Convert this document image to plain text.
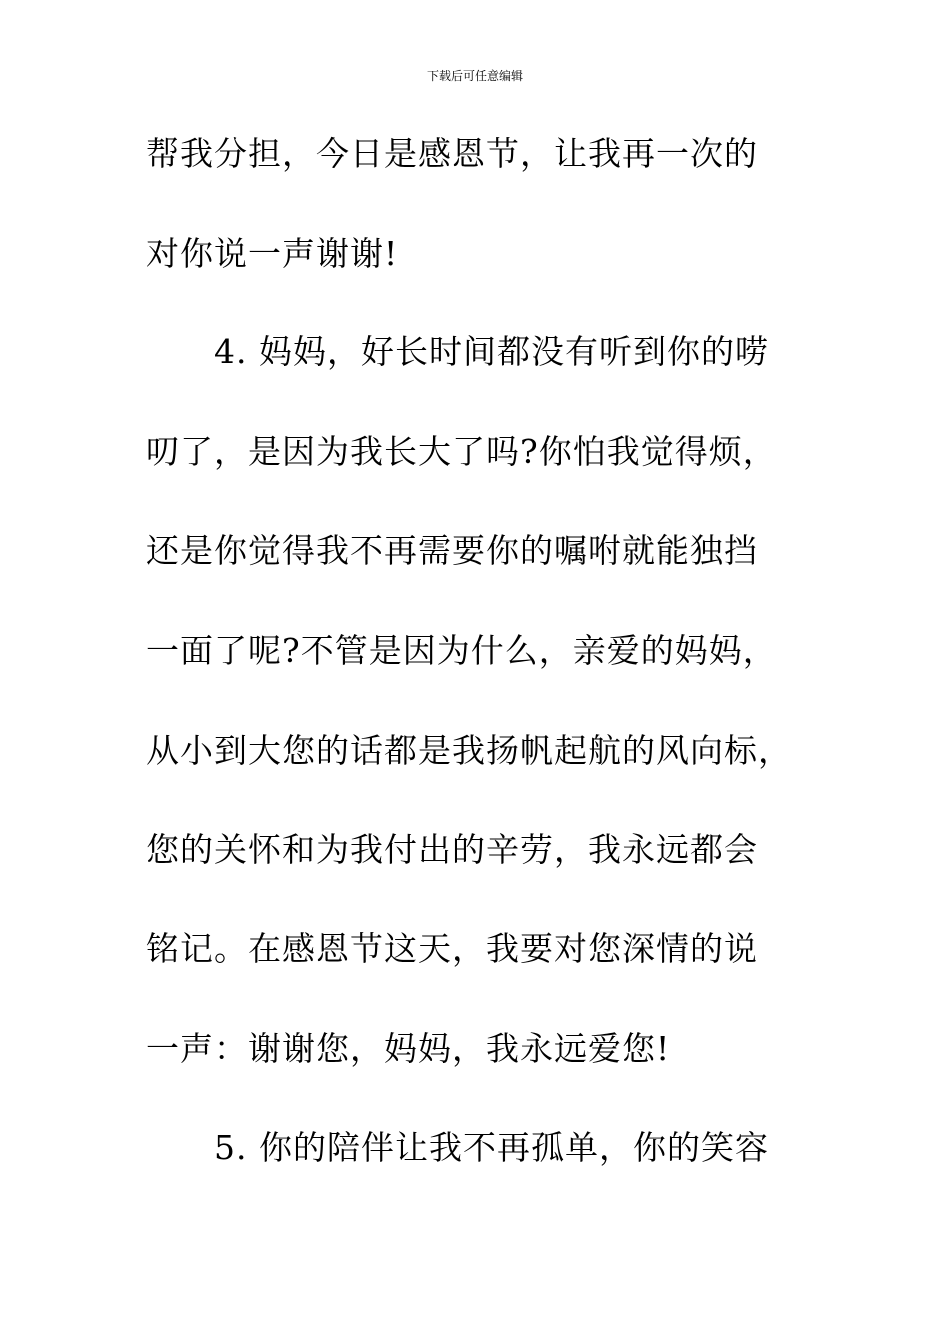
下载后可任意编辑
帮我分担，今日是感恩节，让我再一次的
对你说一声谢谢!
4. 妈妈，好长时间都没有听到你的唠
叨了，是因为我长大了吗?你怕我觉得烦，
还是你觉得我不再需要你的嘱咐就能独挡
一面了呢?不管是因为什么，亲爱的妈妈，
从小到大您的话都是我扬帆起航的风向标，
您的关怀和为我付出的辛劳，我永远都会
铭记。在感恩节这天，我要对您深情的说
一声：谢谢您，妈妈，我永远爱您!
5. 你的陪伴让我不再孤单，你的笑容
